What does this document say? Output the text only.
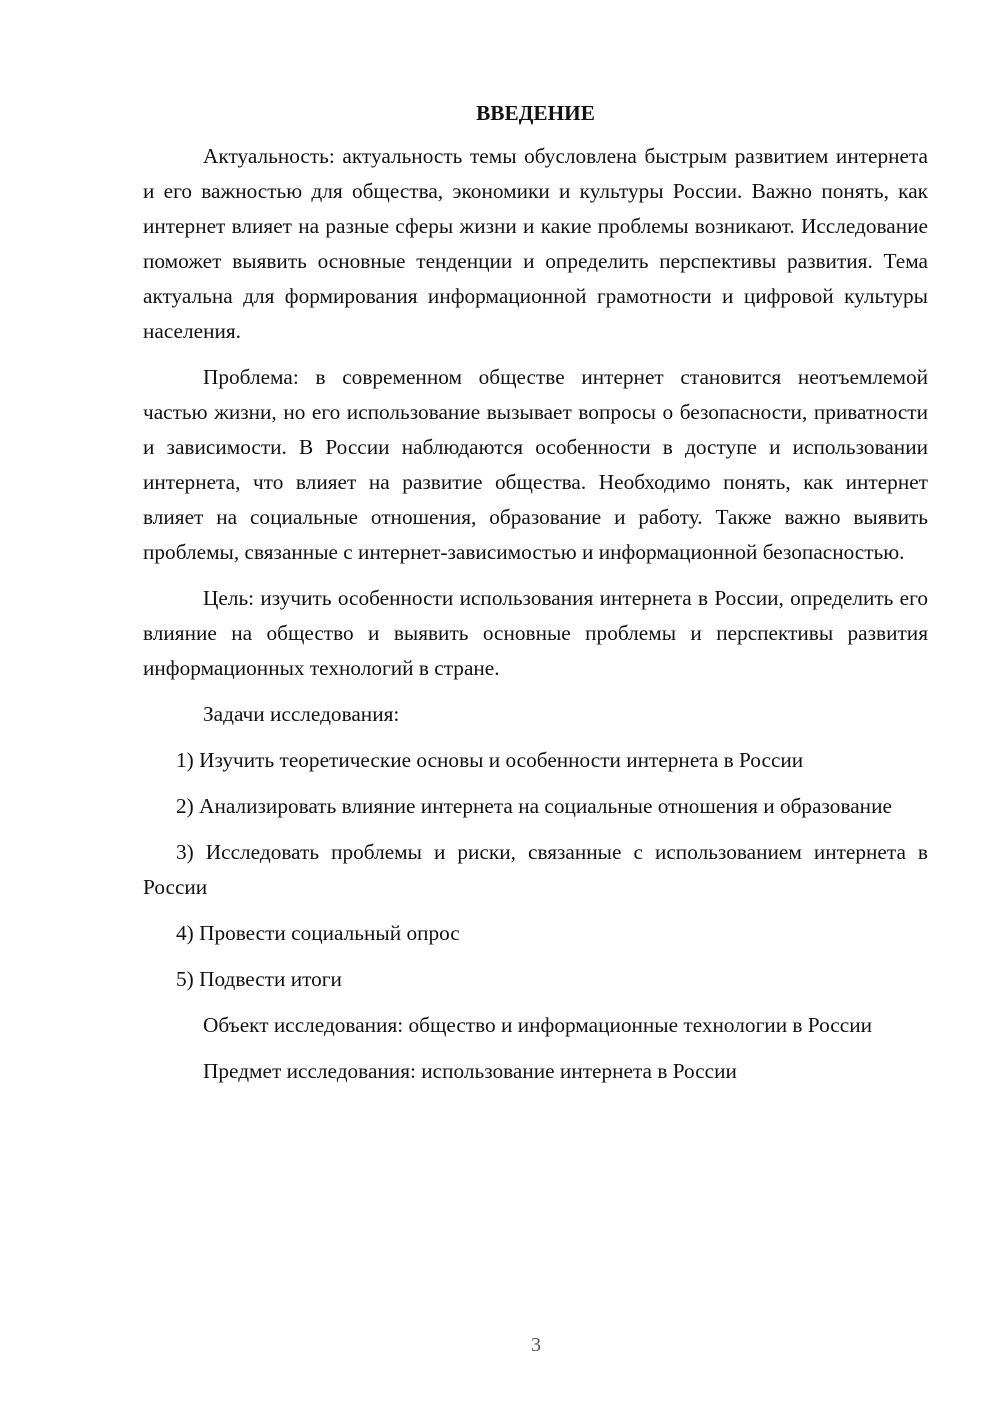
ВВЕДЕНИЕ

Актуальность: актуальность темы обусловлена быстрым развитием интернета и его важностью для общества, экономики и культуры России. Важно понять, как интернет влияет на разные сферы жизни и какие проблемы возникают. Исследование поможет выявить основные тенденции и определить перспективы развития. Тема актуальна для формирования информационной грамотности и цифровой культуры населения.

Проблема: в современном обществе интернет становится неотъемлемой частью жизни, но его использование вызывает вопросы о безопасности, приватности и зависимости. В России наблюдаются особенности в доступе и использовании интернета, что влияет на развитие общества. Необходимо понять, как интернет влияет на социальные отношения, образование и работу. Также важно выявить проблемы, связанные с интернет-зависимостью и информационной безопасностью.

Цель: изучить особенности использования интернета в России, определить его влияние на общество и выявить основные проблемы и перспективы развития информационных технологий в стране.

Задачи исследования:

1) Изучить теоретические основы и особенности интернета в России

2) Анализировать влияние интернета на социальные отношения и образование

3) Исследовать проблемы и риски, связанные с использованием интернета в России

4) Провести социальный опрос

5) Подвести итоги

Объект исследования: общество и информационные технологии в России

Предмет исследования: использование интернета в России

3
